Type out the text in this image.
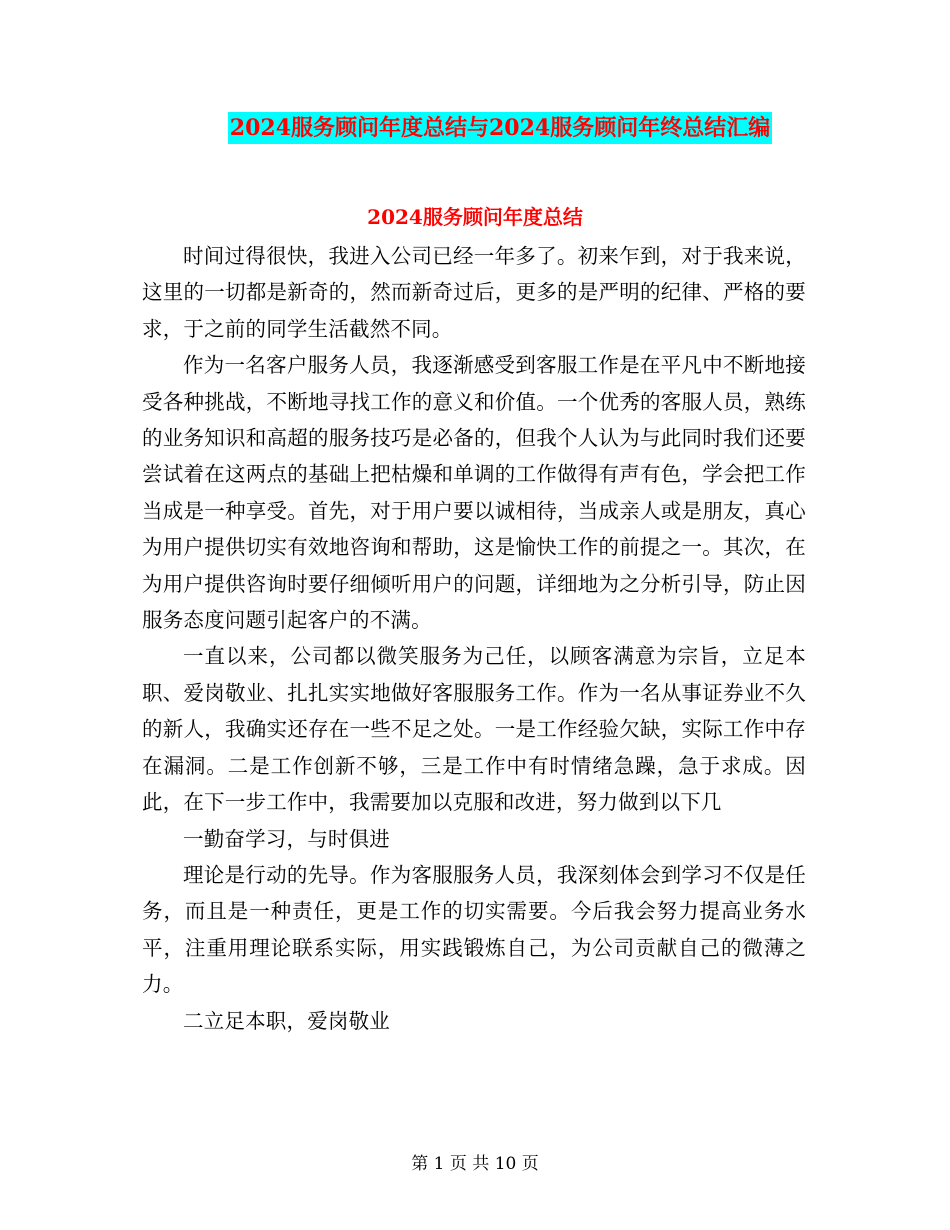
2024服务顾问年度总结与2024服务顾问年终总结汇编
2024服务顾问年度总结

时间过得很快，我进入公司已经一年多了。初来乍到，对于我来说，这里的一切都是新奇的，然而新奇过后，更多的是严明的纪律、严格的要求，于之前的同学生活截然不同。

作为一名客户服务人员，我逐渐感受到客服工作是在平凡中不断地接受各种挑战，不断地寻找工作的意义和价值。一个优秀的客服人员，熟练的业务知识和高超的服务技巧是必备的，但我个人认为与此同时我们还要尝试着在这两点的基础上把枯燥和单调的工作做得有声有色，学会把工作当成是一种享受。首先，对于用户要以诚相待，当成亲人或是朋友，真心为用户提供切实有效地咨询和帮助，这是愉快工作的前提之一。其次，在为用户提供咨询时要仔细倾听用户的问题，详细地为之分析引导，防止因服务态度问题引起客户的不满。

一直以来，公司都以微笑服务为己任，以顾客满意为宗旨，立足本职、爱岗敬业、扎扎实实地做好客服服务工作。作为一名从事证券业不久的新人，我确实还存在一些不足之处。一是工作经验欠缺，实际工作中存在漏洞。二是工作创新不够，三是工作中有时情绪急躁，急于求成。因此，在下一步工作中，我需要加以克服和改进，努力做到以下几

一勤奋学习，与时俱进

理论是行动的先导。作为客服服务人员，我深刻体会到学习不仅是任务，而且是一种责任，更是工作的切实需要。今后我会努力提高业务水平，注重用理论联系实际，用实践锻炼自己，为公司贡献自己的微薄之力。

二立足本职，爱岗敬业

第 1 页 共 10 页
